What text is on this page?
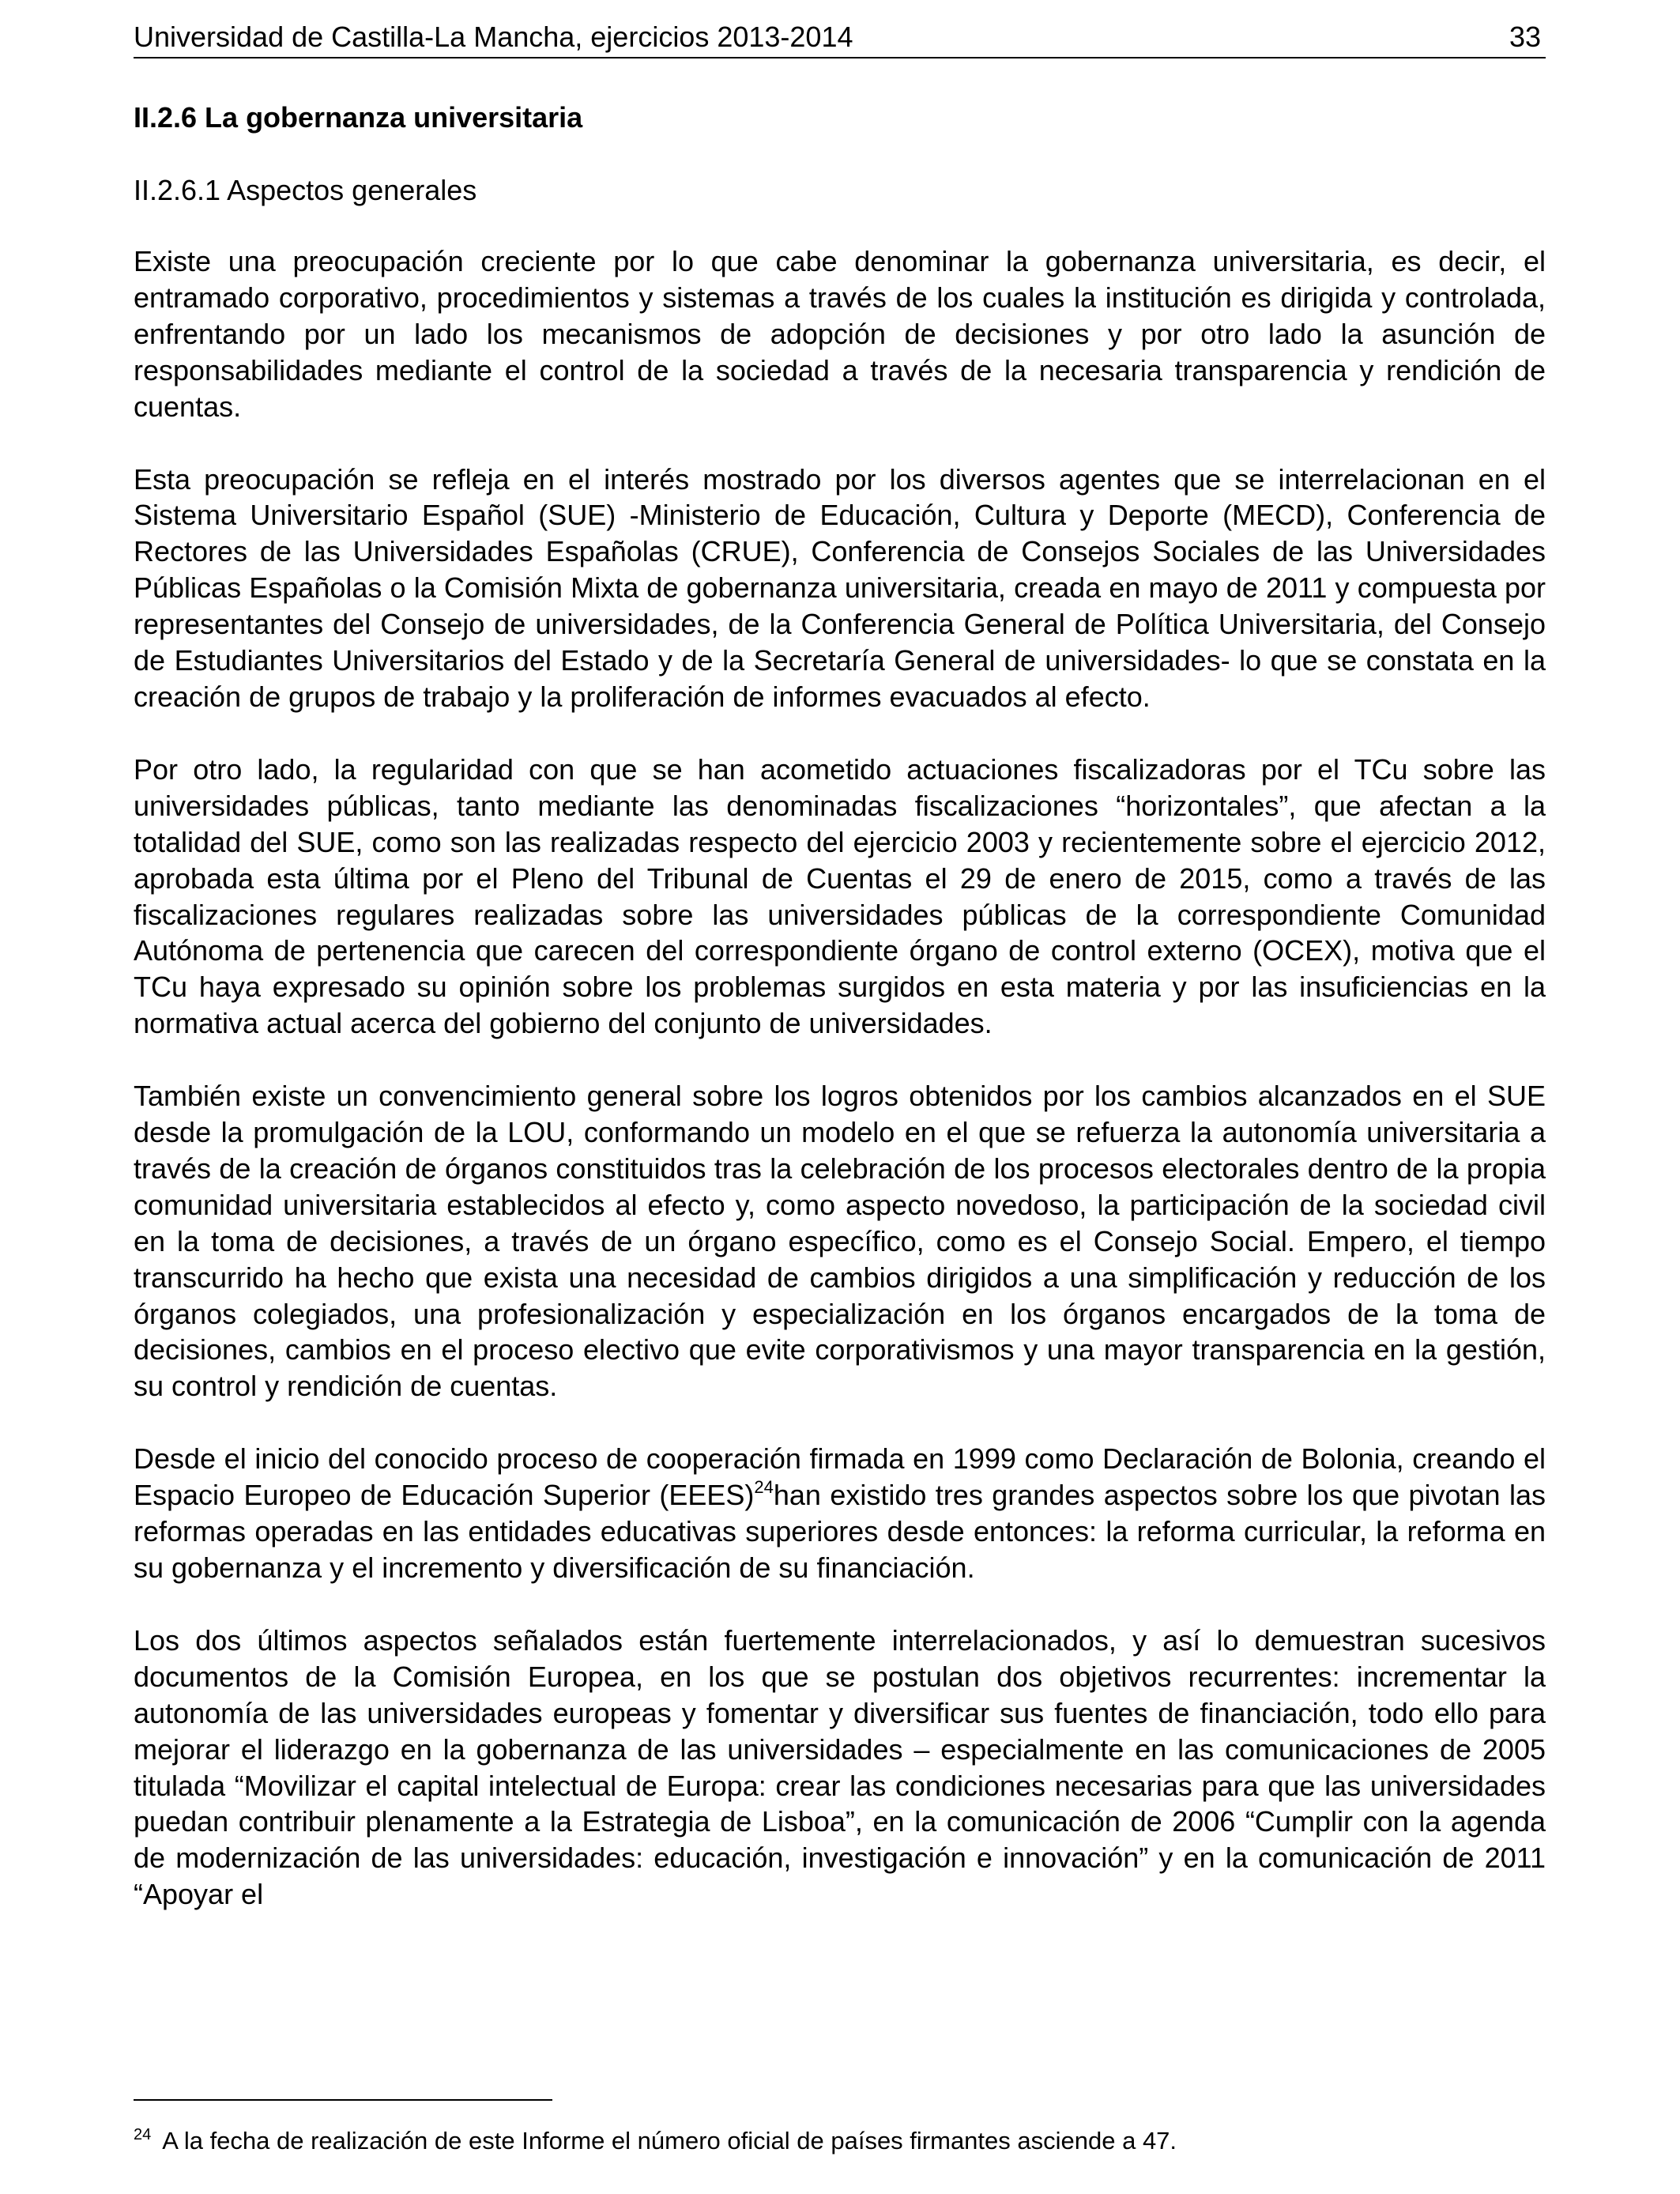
Universidad de Castilla-La Mancha, ejercicios 2013-2014	33
II.2.6 La gobernanza universitaria
II.2.6.1 Aspectos generales

Existe una preocupación creciente por lo que cabe denominar la gobernanza universitaria, es decir, el entramado corporativo, procedimientos y sistemas a través de los cuales la institución es dirigida y controlada, enfrentando por un lado los mecanismos de adopción de decisiones y por otro lado la asunción de responsabilidades mediante el control de la sociedad a través de la necesaria transparencia y rendición de cuentas.

Esta preocupación se refleja en el interés mostrado por los diversos agentes que se interrelacionan en el Sistema Universitario Español (SUE) -Ministerio de Educación, Cultura y Deporte (MECD), Conferencia de Rectores de las Universidades Españolas (CRUE), Conferencia de Consejos Sociales de las Universidades Públicas Españolas o la Comisión Mixta de gobernanza universitaria, creada en mayo de 2011 y compuesta por representantes del Consejo de universidades, de la Conferencia General de Política Universitaria, del Consejo de Estudiantes Universitarios del Estado y de la Secretaría General de universidades- lo que se constata en la creación de grupos de trabajo y la proliferación de informes evacuados al efecto.

Por otro lado, la regularidad con que se han acometido actuaciones fiscalizadoras por el TCu sobre las universidades públicas, tanto mediante las denominadas fiscalizaciones “horizontales”, que afectan a la totalidad del SUE, como son las realizadas respecto del ejercicio 2003 y recientemente sobre el ejercicio 2012, aprobada esta última por el Pleno del Tribunal de Cuentas el 29 de enero de 2015, como a través de las fiscalizaciones regulares realizadas sobre las universidades públicas de la correspondiente Comunidad Autónoma de pertenencia que carecen del correspondiente órgano de control externo (OCEX), motiva que el TCu haya expresado su opinión sobre los problemas surgidos en esta materia y por las insuficiencias en la normativa actual acerca del gobierno del conjunto de universidades.

También existe un convencimiento general sobre los logros obtenidos por los cambios alcanzados en el SUE desde la promulgación de la LOU, conformando un modelo en el que se refuerza la autonomía universitaria a través de la creación de órganos constituidos tras la celebración de los procesos electorales dentro de la propia comunidad universitaria establecidos al efecto y, como aspecto novedoso, la participación de la sociedad civil en la toma de decisiones, a través de un órgano específico, como es el Consejo Social. Empero, el tiempo transcurrido ha hecho que exista una necesidad de cambios dirigidos a una simplificación y reducción de los órganos colegiados, una profesionalización y especialización en los órganos encargados de la toma de decisiones, cambios en el proceso electivo que evite corporativismos y una mayor transparencia en la gestión, su control y rendición de cuentas.

Desde el inicio del conocido proceso de cooperación firmada en 1999 como Declaración de Bolonia, creando el Espacio Europeo de Educación Superior (EEES)$^{24}$han existido tres grandes aspectos sobre los que pivotan las reformas operadas en las entidades educativas superiores desde entonces: la reforma curricular, la reforma en su gobernanza y el incremento y diversificación de su financiación.

Los dos últimos aspectos señalados están fuertemente interrelacionados, y así lo demuestran sucesivos documentos de la Comisión Europea, en los que se postulan dos objetivos recurrentes: incrementar la autonomía de las universidades europeas y fomentar y diversificar sus fuentes de financiación, todo ello para mejorar el liderazgo en la gobernanza de las universidades – especialmente en las comunicaciones de 2005 titulada “Movilizar el capital intelectual de Europa: crear las condiciones necesarias para que las universidades puedan contribuir plenamente a la Estrategia de Lisboa”, en la comunicación de 2006 “Cumplir con la agenda de modernización de las universidades: educación, investigación e innovación” y en la comunicación de 2011 “Apoyar el

$^{24}$ A la fecha de realización de este Informe el número oficial de países firmantes asciende a 47.
